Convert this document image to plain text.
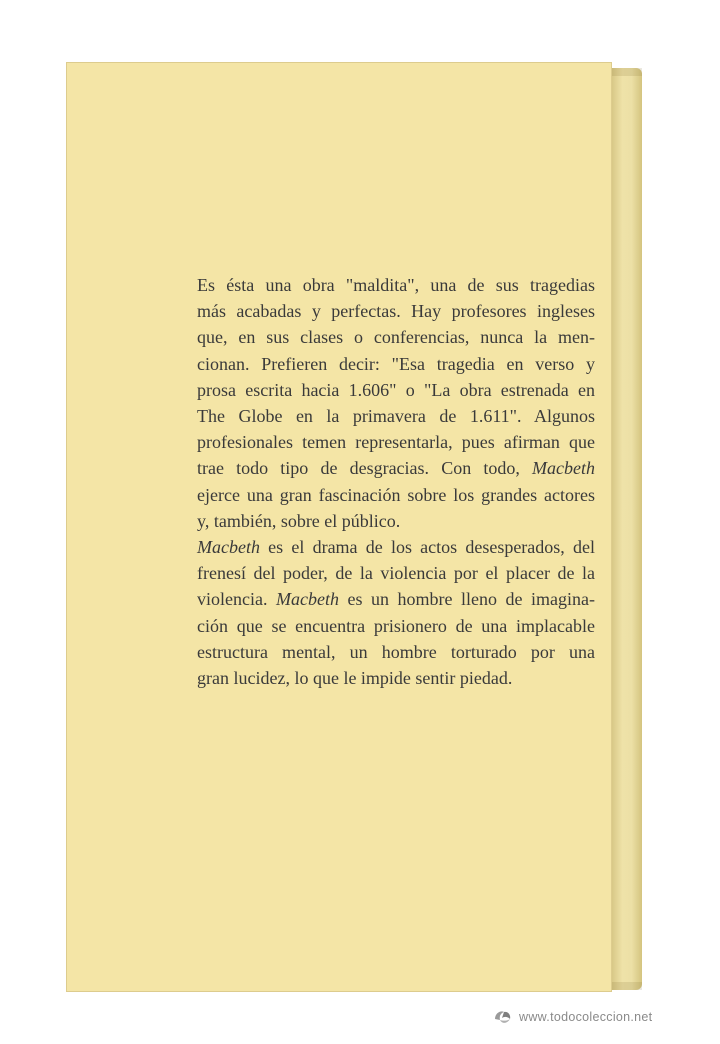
Es ésta una obra "maldita", una de sus tragedias
más acabadas y perfectas. Hay profesores ingleses
que, en sus clases o conferencias, nunca la men-
cionan. Prefieren decir: "Esa tragedia en verso y
prosa escrita hacia 1.606" o "La obra estrenada en
The Globe en la primavera de 1.611". Algunos
profesionales temen representarla, pues afirman que
trae todo tipo de desgracias. Con todo, Macbeth
ejerce una gran fascinación sobre los grandes actores
y, también, sobre el público.
Macbeth es el drama de los actos desesperados, del
frenesí del poder, de la violencia por el placer de la
violencia. Macbeth es un hombre lleno de imagina-
ción que se encuentra prisionero de una implacable
estructura mental, un hombre torturado por una
gran lucidez, lo que le impide sentir piedad.
www.todocoleccion.net
